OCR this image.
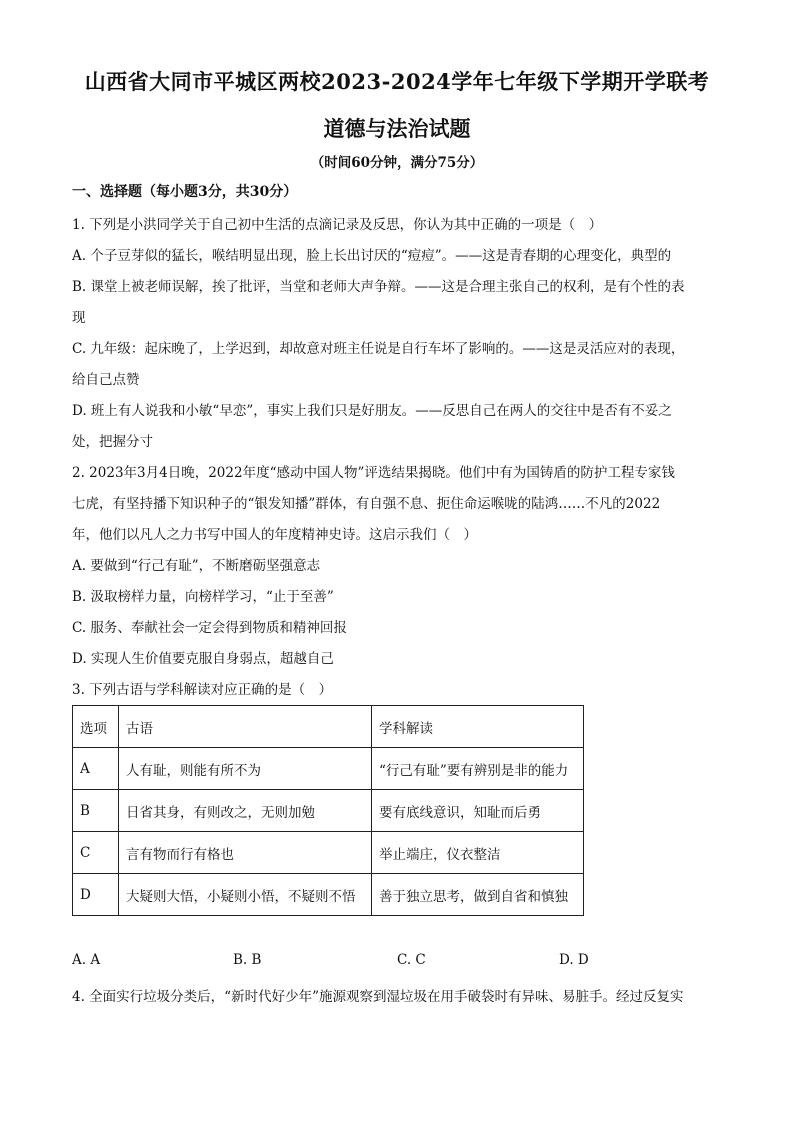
山西省大同市平城区两校2023-2024学年七年级下学期开学联考
道德与法治试题
（时间60分钟，满分75分）
一、选择题（每小题3分，共30分）
1. 下列是小洪同学关于自己初中生活的点滴记录及反思，你认为其中正确的一项是（　）
A. 个子豆芽似的猛长，喉结明显出现，脸上长出讨厌的“痘痘”。——这是青春期的心理变化，典型的
B. 课堂上被老师误解，挨了批评，当堂和老师大声争辩。——这是合理主张自己的权利，是有个性的表
现
C. 九年级：起床晚了，上学迟到，却故意对班主任说是自行车坏了影响的。——这是灵活应对的表现，
给自己点赞
D. 班上有人说我和小敏“早恋”，事实上我们只是好朋友。——反思自己在两人的交往中是否有不妥之
处，把握分寸
2. 2023年3月4日晚，2022年度“感动中国人物”评选结果揭晓。他们中有为国铸盾的防护工程专家钱
七虎，有坚持播下知识种子的“银发知播”群体，有自强不息、扼住命运喉咙的陆鸿……不凡的2022
年，他们以凡人之力书写中国人的年度精神史诗。这启示我们（　）
A. 要做到“行己有耻”，不断磨砺坚强意志
B. 汲取榜样力量，向榜样学习，“止于至善”
C. 服务、奉献社会一定会得到物质和精神回报
D. 实现人生价值要克服自身弱点，超越自己
3. 下列古语与学科解读对应正确的是（　）
选项	古语	学科解读
A	人有耻，则能有所不为	“行己有耻”要有辨别是非的能力
B	日省其身，有则改之，无则加勉	要有底线意识，知耻而后勇
C	言有物而行有格也	举止端庄，仪衣整洁
D	大疑则大悟，小疑则小悟，不疑则不悟	善于独立思考，做到自省和慎独
A. A	B. B	C. C	D. D
4. 全面实行垃圾分类后，“新时代好少年”施源观察到湿垃圾在用手破袋时有异味、易脏手。经过反复实
